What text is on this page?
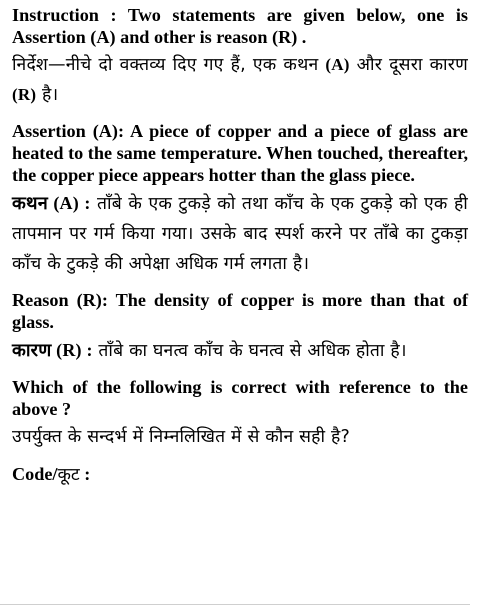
Instruction : Two statements are given below, one is Assertion (A) and other is reason (R) .
निर्देश—नीचे दो वक्तव्य दिए गए हैं, एक कथन (A) और दूसरा कारण (R) है।
Assertion (A): A piece of copper and a piece of glass are heated to the same temperature. When touched, thereafter, the copper piece appears hotter than the glass piece.
कथन (A) : ताँबे के एक टुकड़े को तथा काँच के एक टुकड़े को एक ही तापमान पर गर्म किया गया। उसके बाद स्पर्श करने पर ताँबे का टुकड़ा काँच के टुकड़े की अपेक्षा अधिक गर्म लगता है।
Reason (R): The density of copper is more than that of glass.
कारण (R) : ताँबे का घनत्व काँच के घनत्व से अधिक होता है।
Which of the following is correct with reference to the above ?
उपर्युक्त के सन्दर्भ में निम्नलिखित में से कौन सही है?
Code/कूट :
